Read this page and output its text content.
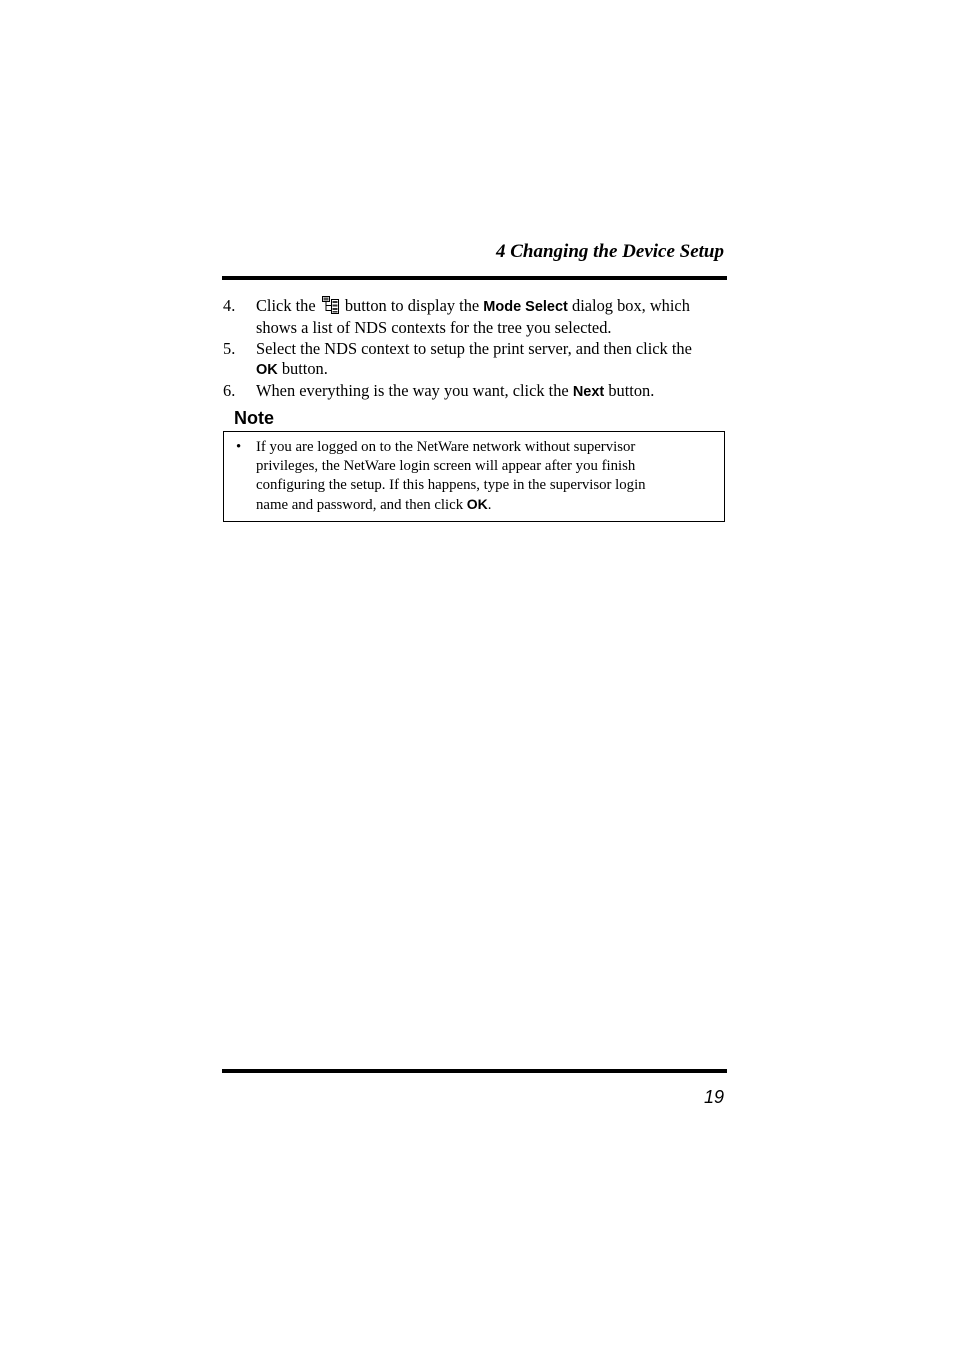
4 Changing the Device Setup
4. Click the button to display the Mode Select dialog box, which
shows a list of NDS contexts for the tree you selected.
5. Select the NDS context to setup the print server, and then click the
OK button.
6. When everything is the way you want, click the Next button.
Note
• If you are logged on to the NetWare network without supervisor
privileges, the NetWare login screen will appear after you finish
configuring the setup. If this happens, type in the supervisor login
name and password, and then click OK.
19
